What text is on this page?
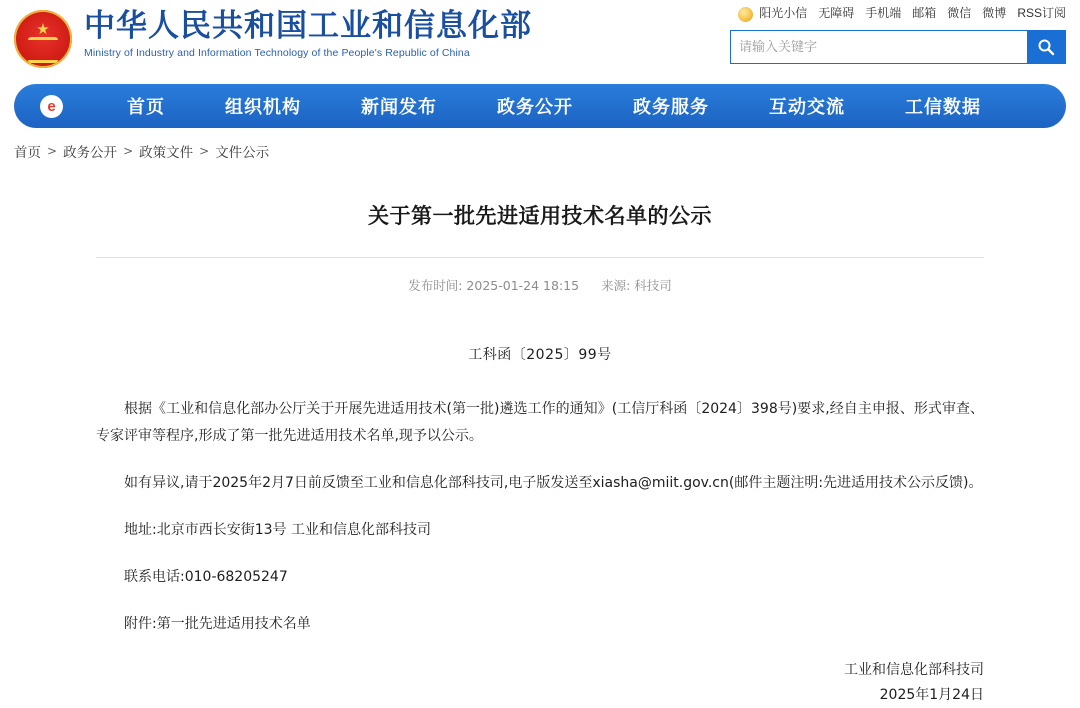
★ 中华人民共和国工业和信息化部
Ministry of Industry and Information Technology of the People's Republic of China
阳光小信 无障碍 手机端 邮箱 微信 微博 RSS订阅
请输入关键字
e	首页	组织机构	新闻发布	政务公开	政务服务	互动交流	工信数据
首页 > 政务公开 > 政策文件 > 文件公示
关于第一批先进适用技术名单的公示
发布时间: 2025-01-24 18:15 来源: 科技司
工科函〔2025〕99号

根据《工业和信息化部办公厅关于开展先进适用技术(第一批)遴选工作的通知》(工信厅科函〔2024〕398号)要求,经自主申报、形式审查、专家评审等程序,形成了第一批先进适用技术名单,现予以公示。

如有异议,请于2025年2月7日前反馈至工业和信息化部科技司,电子版发送至xiasha@miit.gov.cn(邮件主题注明:先进适用技术公示反馈)。

地址:北京市西长安街13号 工业和信息化部科技司

联系电话:010-68205247

附件:第一批先进适用技术名单

工业和信息化部科技司
2025年1月24日
